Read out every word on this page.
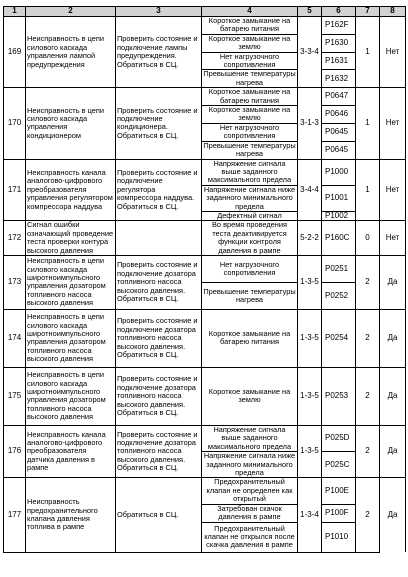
1	2	3	4	5	6	7	8
169	Неисправность в цепи силового каскада управления лампой предупреждения	Проверить состояние и подключение лампы предупреждения. Обратиться в СЦ.	Короткое замыкание на батарею питания	3-3-4	P162F	1	Нет
			Короткое замыкание на землю		P1630		
			Нет нагрузочного сопротивления		P1631		
			Превышение температуры нагрева		P1632		
170	Неисправность в цепи силового каскада управления кондиционером	Проверить состояние и подключение кондиционера. Обратиться в СЦ.	Короткое замыкание на батарею питания	3-1-3	P0647	1	Нет
			Короткое замыкание на землю		P0646		
			Нет нагрузочного сопротивления		P0645		
			Превышение температуры нагрева		P0645		
171	Неисправность канала аналогово-цифрового преобразователя управления регулятором компрессора наддува	Проверить состояние и подключение регулятора компрессора наддува. Обратиться в СЦ.	Напряжение сигнала выше заданного максимального предела	3-4-4	P1000	1	Нет
			Напряжение сигнала ниже заданного минимального предела		P1001		
			Дефектный сигнал		P1002		
172	Сигнал ошибки означающий проведение теста проверки контура высокого давления		Во время проведения теста деактивируется функции контроля давления в рампе	5-2-2	P160C	0	Нет
173	Неисправность в цепи силового каскада широтноимпульсного управления дозатором топливного насоса высокого давления	Проверить состояние и подключение дозатора топливного насоса высокого давления. Обратиться в СЦ.	Нет нагрузочного сопротивления	1-3-5	P0251	2	Да
			Превышение температуры нагрева		P0252		
174	Неисправность в цепи силового каскада широтноимпульсного управления дозатором топливного насоса высокого давления	Проверить состояние и подключение дозатора топливного насоса высокого давления. Обратиться в СЦ.	Короткое замыкание на батарею питания	1-3-5	P0254	2	Да
175	Неисправность в цепи силового каскада широтноимпульсного управления дозатором топливного насоса высокого давления	Проверить состояние и подключение дозатора топливного насоса высокого давления. Обратиться в СЦ.	Короткое замыкание на землю	1-3-5	P0253	2	Да
176	Неисправность канала аналогово-цифрового преобразователя датчика давления в рампе	Проверить состояние и подключение дозатора топливного насоса высокого давления. Обратиться в СЦ.	Напряжение сигнала выше заданного максимального предела	1-3-5	P025D	2	Да
			Напряжение сигнала ниже заданного минимального предела		P025C		
177	Неисправность предохранительного клапана давления топлива в рампе	Обратиться в СЦ.	Предохранительный клапан не определен как открытый	1-3-4	P100E	2	Да
			Затребован скачок давления в рампе		P100F		
			Предохранительный клапан не открылся после скачка давления в рампе		P1010		
